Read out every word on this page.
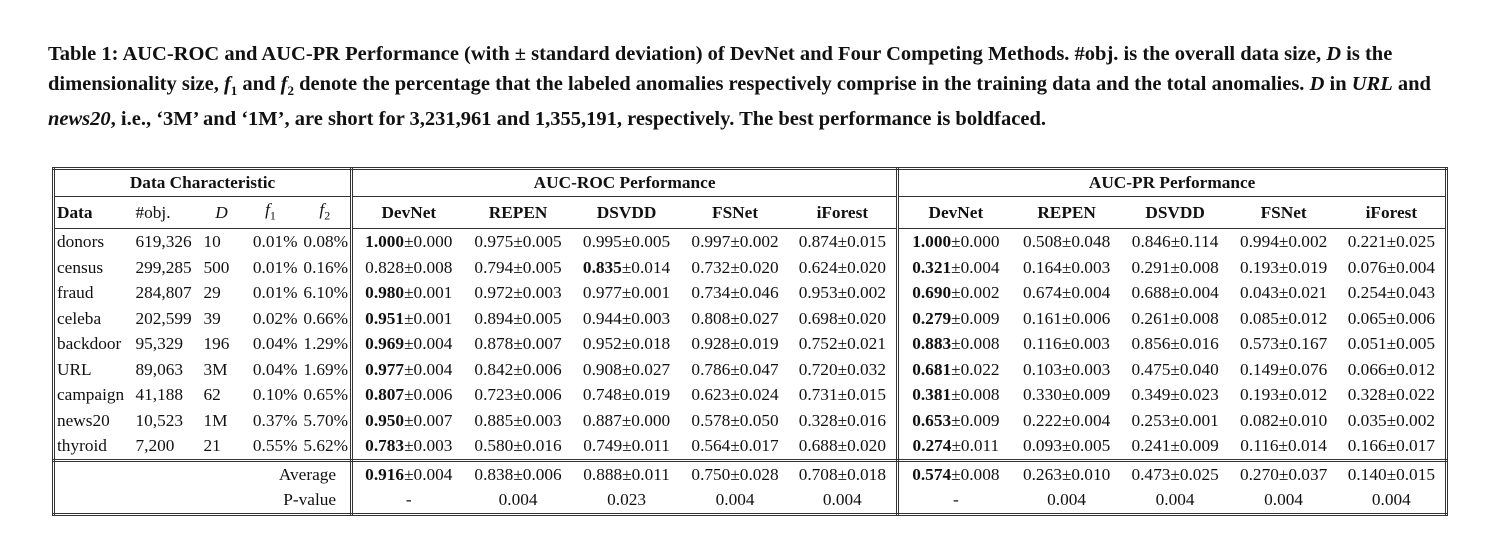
Table 1: AUC-ROC and AUC-PR Performance (with ± standard deviation) of DevNet and Four Competing Methods. #obj. is the overall data size, D is the dimensionality size, $f_1$ and $f_2$ denote the percentage that the labeled anomalies respectively comprise in the training data and the total anomalies. D in URL and news20, i.e., ‘3M’ and ‘1M’, are short for 3,231,961 and 1,355,191, respectively. The best performance is boldfaced.
Data Characteristic					AUC-ROC Performance					AUC-PR Performance				
Data	#obj.	D	$f_1$	$f_2$	DevNet	REPEN	DSVDD	FSNet	iForest	DevNet	REPEN	DSVDD	FSNet	iForest
donors	619,326	10	0.01%	0.08%	1.000±0.000	0.975±0.005	0.995±0.005	0.997±0.002	0.874±0.015	1.000±0.000	0.508±0.048	0.846±0.114	0.994±0.002	0.221±0.025
census	299,285	500	0.01%	0.16%	0.828±0.008	0.794±0.005	0.835±0.014	0.732±0.020	0.624±0.020	0.321±0.004	0.164±0.003	0.291±0.008	0.193±0.019	0.076±0.004
fraud	284,807	29	0.01%	6.10%	0.980±0.001	0.972±0.003	0.977±0.001	0.734±0.046	0.953±0.002	0.690±0.002	0.674±0.004	0.688±0.004	0.043±0.021	0.254±0.043
celeba	202,599	39	0.02%	0.66%	0.951±0.001	0.894±0.005	0.944±0.003	0.808±0.027	0.698±0.020	0.279±0.009	0.161±0.006	0.261±0.008	0.085±0.012	0.065±0.006
backdoor	95,329	196	0.04%	1.29%	0.969±0.004	0.878±0.007	0.952±0.018	0.928±0.019	0.752±0.021	0.883±0.008	0.116±0.003	0.856±0.016	0.573±0.167	0.051±0.005
URL	89,063	3M	0.04%	1.69%	0.977±0.004	0.842±0.006	0.908±0.027	0.786±0.047	0.720±0.032	0.681±0.022	0.103±0.003	0.475±0.040	0.149±0.076	0.066±0.012
campaign	41,188	62	0.10%	0.65%	0.807±0.006	0.723±0.006	0.748±0.019	0.623±0.024	0.731±0.015	0.381±0.008	0.330±0.009	0.349±0.023	0.193±0.012	0.328±0.022
news20	10,523	1M	0.37%	5.70%	0.950±0.007	0.885±0.003	0.887±0.000	0.578±0.050	0.328±0.016	0.653±0.009	0.222±0.004	0.253±0.001	0.082±0.010	0.035±0.002
thyroid	7,200	21	0.55%	5.62%	0.783±0.003	0.580±0.016	0.749±0.011	0.564±0.017	0.688±0.020	0.274±0.011	0.093±0.005	0.241±0.009	0.116±0.014	0.166±0.017
Average					0.916±0.004	0.838±0.006	0.888±0.011	0.750±0.028	0.708±0.018	0.574±0.008	0.263±0.010	0.473±0.025	0.270±0.037	0.140±0.015
P-value					-	0.004	0.023	0.004	0.004	-	0.004	0.004	0.004	0.004
